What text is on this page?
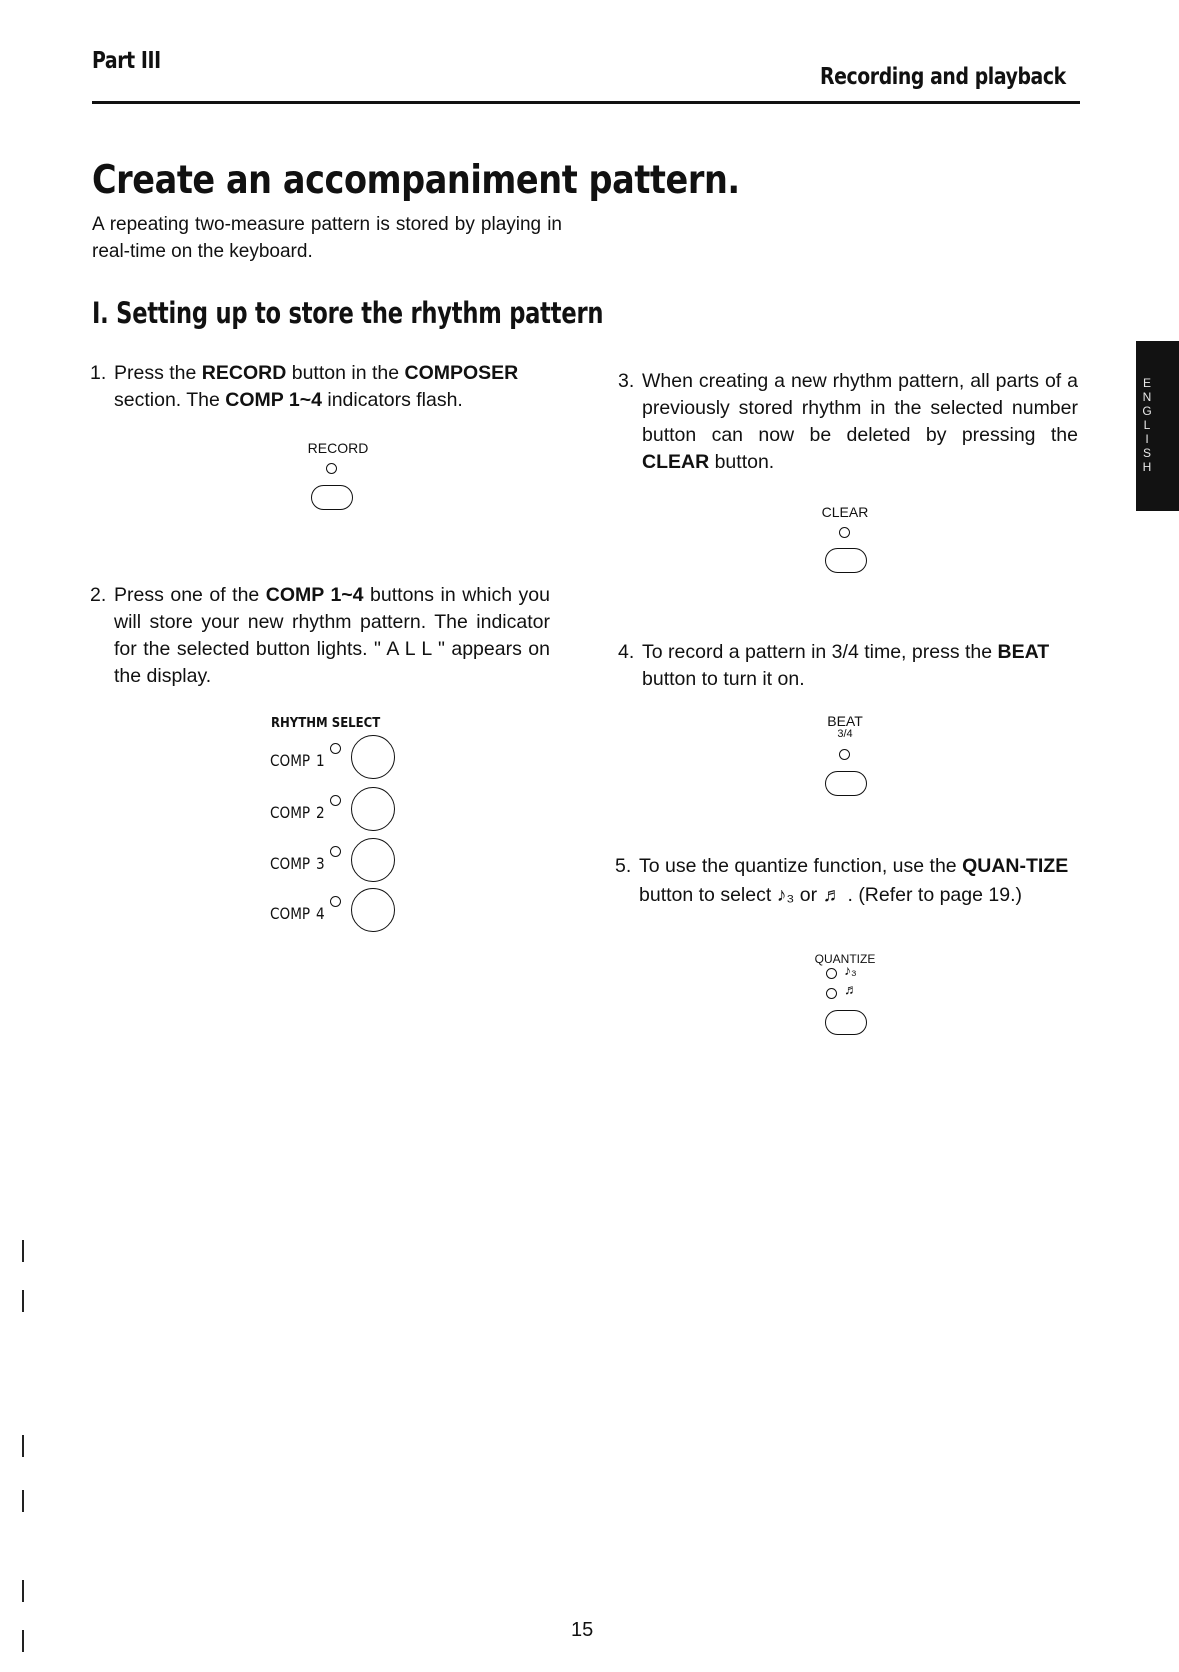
Part III
Recording and playback
Create an accompaniment pattern.
A repeating two-measure pattern is stored by playing in real-time on the keyboard.
I. Setting up to store the rhythm pattern
1. Press the RECORD button in the COMPOSER section. The COMP 1~4 indicators flash.
RECORD
2. Press one of the COMP 1~4 buttons in which you will store your new rhythm pattern. The indicator for the selected button lights. " A L L " appears on the display.
RHYTHM SELECT
COMP 1
COMP 2
COMP 3
COMP 4
3. When creating a new rhythm pattern, all parts of a previously stored rhythm in the selected number button can now be deleted by pressing the CLEAR button.
CLEAR
4. To record a pattern in 3/4 time, press the BEAT button to turn it on.
BEAT
3/4
5. To use the quantize function, use the QUAN-TIZE button to select ♪₃ or ♬ . (Refer to page 19.)
QUANTIZE
♪₃
♬
E
N
G
L
I
S
H
15
